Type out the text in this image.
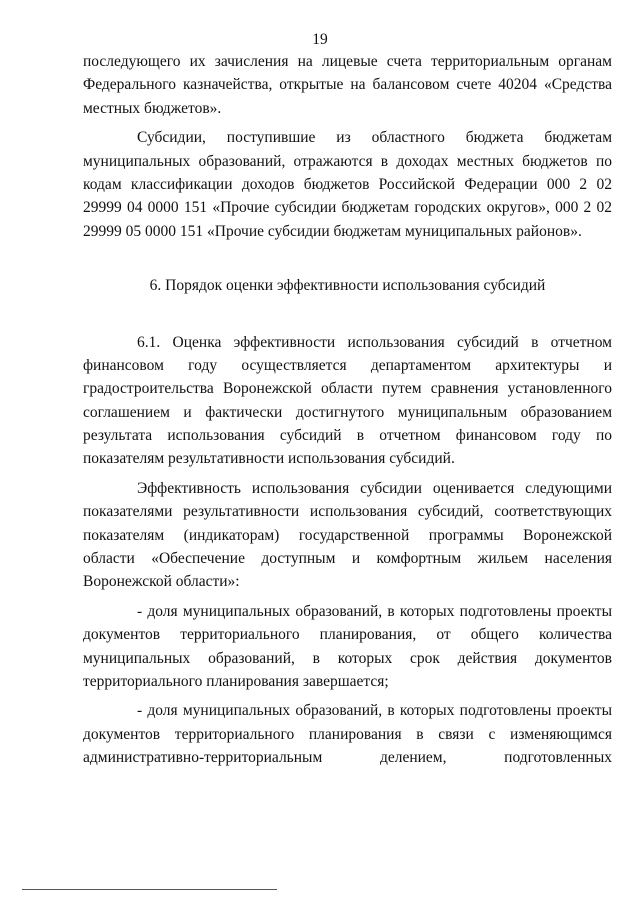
19
последующего их зачисления на лицевые счета территориальным органам
Федерального казначейства, открытые на балансовом счете 40204 «Средства
местных бюджетов».
Субсидии, поступившие из областного бюджета бюджетам
муниципальных образований, отражаются в доходах местных бюджетов по
кодам классификации доходов бюджетов Российской Федерации 000 2 02
29999 04 0000 151 «Прочие субсидии бюджетам городских округов», 000 2 02
29999 05 0000 151 «Прочие субсидии бюджетам муниципальных районов».
6. Порядок оценки эффективности использования субсидий
6.1. Оценка эффективности использования субсидий в отчетном
финансовом году осуществляется департаментом архитектуры и
градостроительства Воронежской области путем сравнения установленного
соглашением и фактически достигнутого муниципальным образованием
результата использования субсидий в отчетном финансовом году по
показателям результативности использования субсидий.
Эффективность использования субсидии оценивается следующими
показателями результативности использования субсидий, соответствующих
показателям (индикаторам) государственной программы Воронежской
области «Обеспечение доступным и комфортным жильем населения
Воронежской области»:
- доля муниципальных образований, в которых подготовлены проекты
документов территориального планирования, от общего количества
муниципальных образований, в которых срок действия документов
территориального планирования завершается;
- доля муниципальных образований, в которых подготовлены проекты
документов территориального планирования в связи с изменяющимся
административно-территориальным делением, подготовленных
